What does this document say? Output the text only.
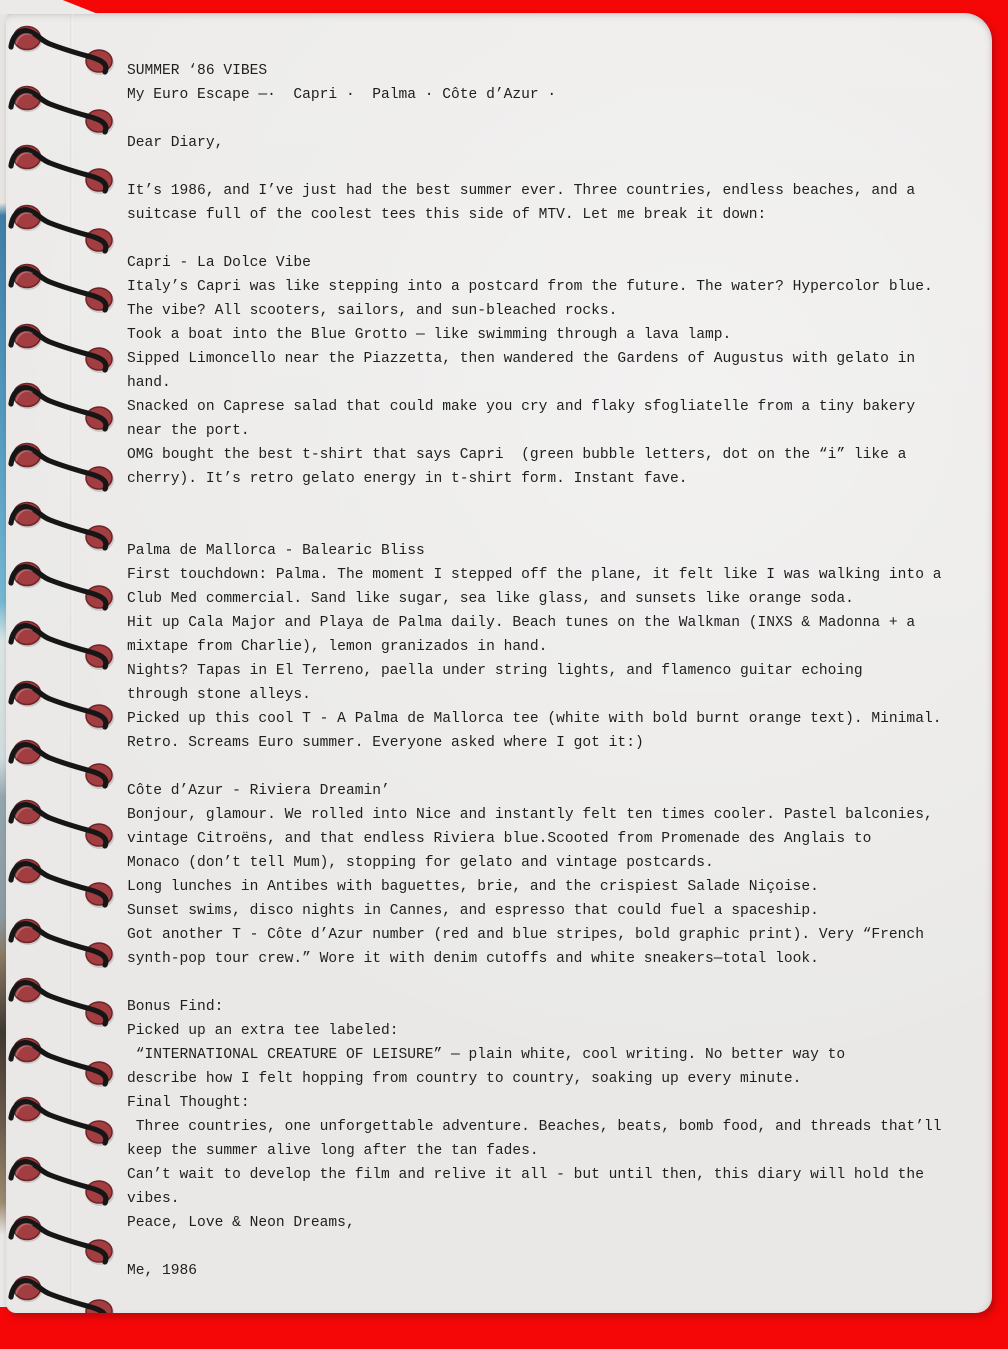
SUMMER ‘86 VIBES
My Euro Escape —·  Capri ·  Palma · Côte d’Azur ·
Dear Diary,
It’s 1986, and I’ve just had the best summer ever. Three countries, endless beaches, and a
suitcase full of the coolest tees this side of MTV. Let me break it down:
Capri - La Dolce Vibe
Italy’s Capri was like stepping into a postcard from the future. The water? Hypercolor blue.
The vibe? All scooters, sailors, and sun-bleached rocks.
Took a boat into the Blue Grotto — like swimming through a lava lamp.
Sipped Limoncello near the Piazzetta, then wandered the Gardens of Augustus with gelato in
hand.
Snacked on Caprese salad that could make you cry and flaky sfogliatelle from a tiny bakery
near the port.
OMG bought the best t-shirt that says Capri  (green bubble letters, dot on the “i” like a
cherry). It’s retro gelato energy in t-shirt form. Instant fave.
Palma de Mallorca - Balearic Bliss
First touchdown: Palma. The moment I stepped off the plane, it felt like I was walking into a
Club Med commercial. Sand like sugar, sea like glass, and sunsets like orange soda.
Hit up Cala Major and Playa de Palma daily. Beach tunes on the Walkman (INXS & Madonna + a
mixtape from Charlie), lemon granizados in hand.
Nights? Tapas in El Terreno, paella under string lights, and flamenco guitar echoing
through stone alleys.
Picked up this cool T - A Palma de Mallorca tee (white with bold burnt orange text). Minimal.
Retro. Screams Euro summer. Everyone asked where I got it:)
Côte d’Azur - Riviera Dreamin’
Bonjour, glamour. We rolled into Nice and instantly felt ten times cooler. Pastel balconies,
vintage Citroëns, and that endless Riviera blue.Scooted from Promenade des Anglais to
Monaco (don’t tell Mum), stopping for gelato and vintage postcards.
Long lunches in Antibes with baguettes, brie, and the crispiest Salade Niçoise.
Sunset swims, disco nights in Cannes, and espresso that could fuel a spaceship.
Got another T - Côte d’Azur number (red and blue stripes, bold graphic print). Very “French
synth-pop tour crew.” Wore it with denim cutoffs and white sneakers—total look.
Bonus Find:
Picked up an extra tee labeled:
“INTERNATIONAL CREATURE OF LEISURE” — plain white, cool writing. No better way to
describe how I felt hopping from country to country, soaking up every minute.
Final Thought:
Three countries, one unforgettable adventure. Beaches, beats, bomb food, and threads that’ll
keep the summer alive long after the tan fades.
Can’t wait to develop the film and relive it all - but until then, this diary will hold the
vibes.
Peace, Love & Neon Dreams,
Me, 1986
